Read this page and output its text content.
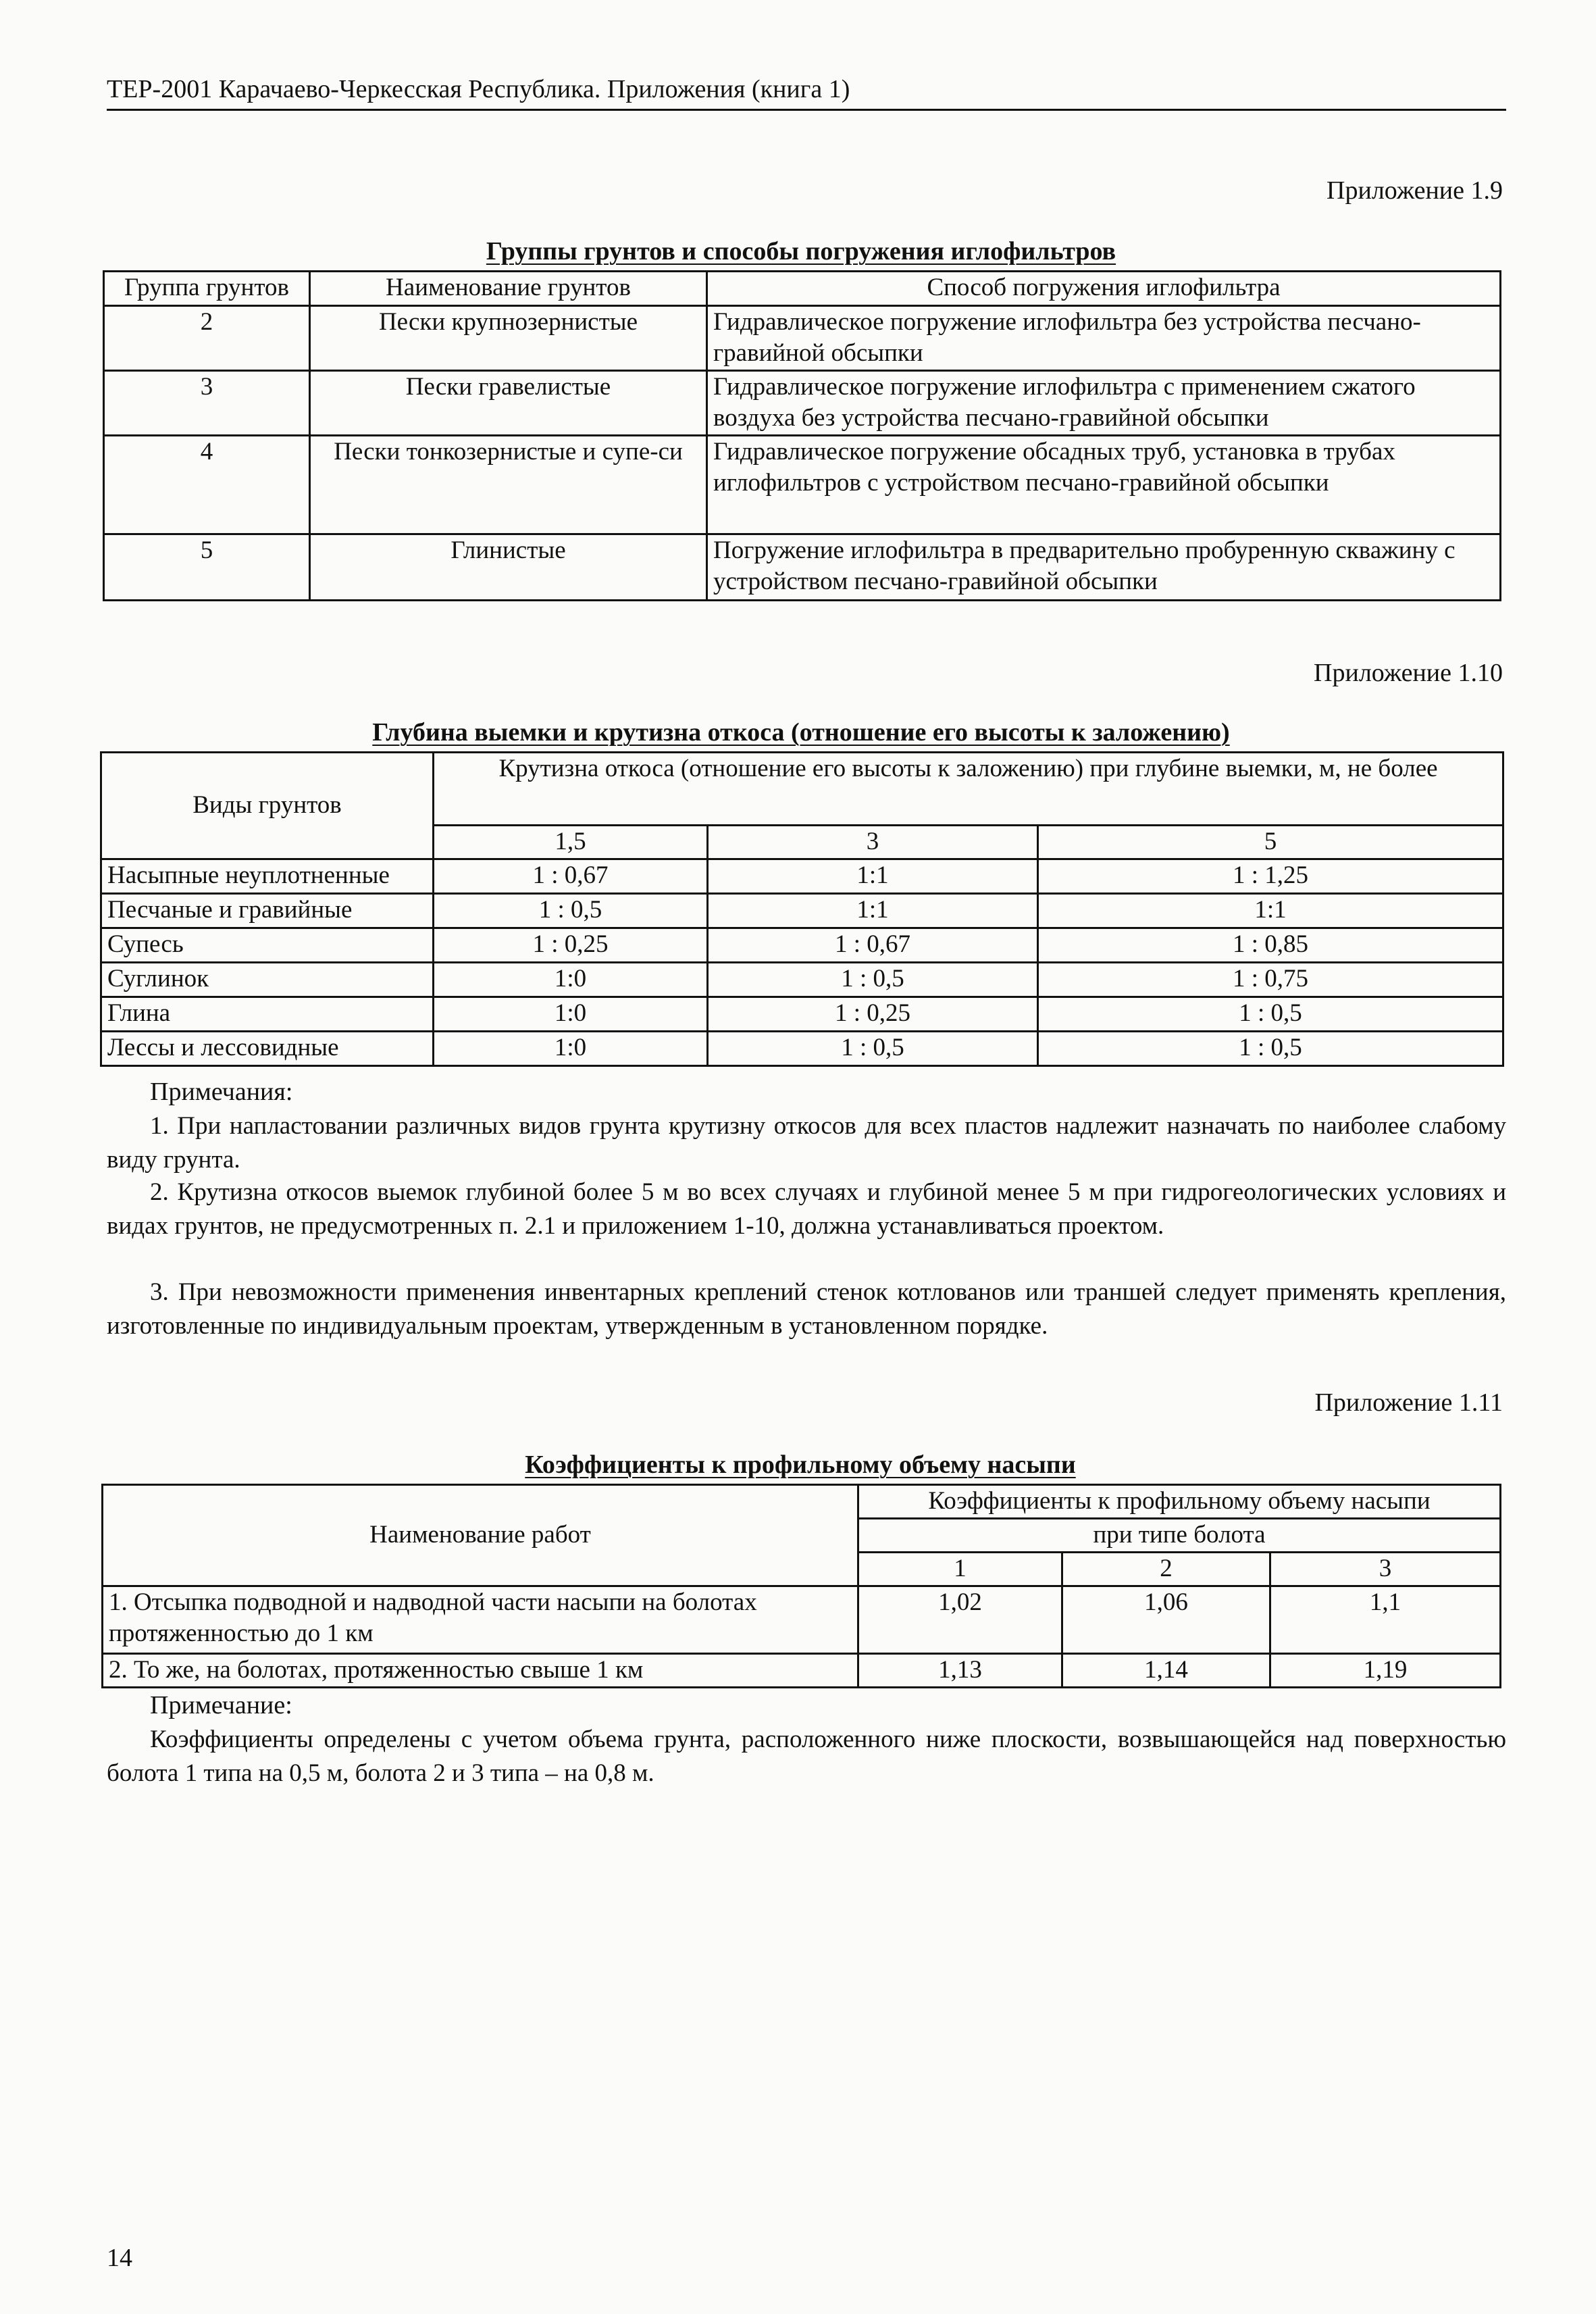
ТЕР-2001 Карачаево-Черкесская Республика. Приложения (книга 1)
Приложение 1.9
Группы грунтов и способы погружения иглофильтров
Группа грунтов	Наименование грунтов	Способ погружения иглофильтра
2	Пески крупнозернистые	Гидравлическое погружение иглофильтра без устройства песчано-гравийной обсыпки
3	Пески гравелистые	Гидравлическое погружение иглофильтра с применением сжатого воздуха без устройства песчано-гравийной обсыпки
4	Пески тонкозернистые и супе-си	Гидравлическое погружение обсадных труб, установка в трубах иглофильтров с устройством песчано-гравийной обсыпки
5	Глинистые	Погружение иглофильтра в предварительно пробуренную скважину с устройством песчано-гравийной обсыпки
Приложение 1.10
Глубина выемки и крутизна откоса (отношение его высоты к заложению)
Виды грунтов	Крутизна откоса (отношение его высоты к заложению) при глубине выемки, м, не более		
	1,5	3	5
Насыпные неуплотненные	1 : 0,67	1:1	1 : 1,25
Песчаные и гравийные	1 : 0,5	1:1	1:1
Супесь	1 : 0,25	1 : 0,67	1 : 0,85
Суглинок	1:0	1 : 0,5	1 : 0,75
Глина	1:0	1 : 0,25	1 : 0,5
Лессы и лессовидные	1:0	1 : 0,5	1 : 0,5
Примечания:
1. При напластовании различных видов грунта крутизну откосов для всех пластов надлежит назначать по наиболее слабому виду грунта.
2. Крутизна откосов выемок глубиной более 5 м во всех случаях и глубиной менее 5 м при гидрогеологических условиях и видах грунтов, не предусмотренных п. 2.1 и приложением 1-10, должна устанавливаться проектом.
3. При невозможности применения инвентарных креплений стенок котлованов или траншей следует применять крепления, изготовленные по индивидуальным проектам, утвержденным в установленном порядке.
Приложение 1.11
Коэффициенты к профильному объему насыпи
Наименование работ	Коэффициенты к профильному объему насыпи		
	при типе болота		
	1	2	3
1. Отсыпка подводной и надводной части насыпи на болотах протяженностью до 1 км	1,02	1,06	1,1
2. То же, на болотах, протяженностью свыше 1 км	1,13	1,14	1,19
Примечание:
Коэффициенты определены с учетом объема грунта, расположенного ниже плоскости, возвышающейся над поверхностью болота 1 типа на 0,5 м, болота 2 и 3 типа – на 0,8 м.
14
